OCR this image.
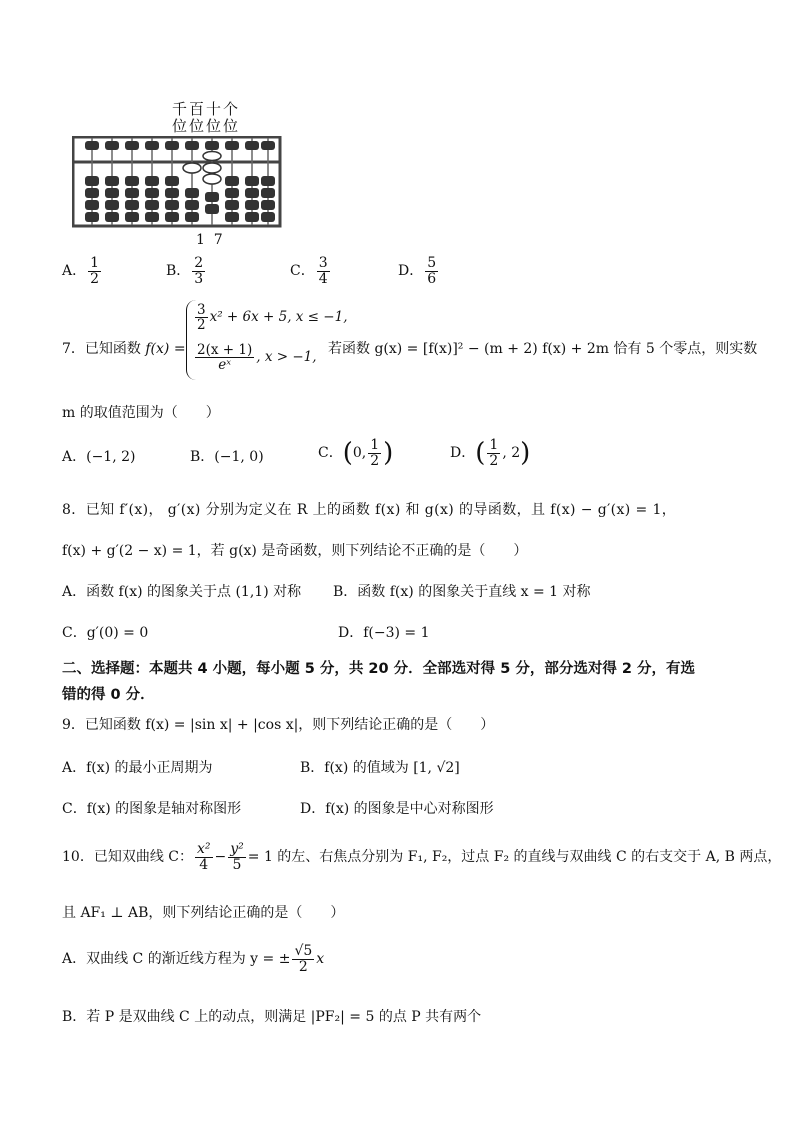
千百十个
位位位位
1  7
A． $\frac{1}{2}$	B． $\frac{2}{3}$	C． $\frac{3}{4}$	D． $\frac{5}{6}$
7．已知函数 f(x) =
$\frac{3}{2} x^2 + 6x + 5$, x ≤ −1,
$\frac{2(x + 1)}{\text{eˣ}}$ , x > −1, 若函数 g(x) = [f(x)]² − (m + 2) f(x) + 2m 恰有 5 个零点，则实数
m 的取值范围为（　　）
A．(−1, 2)	B．(−1, 0)	C．(0, $\frac{1}{2}$ )	D．( $\frac{1}{2}$ , 2)
8．已知 f′(x)， g′(x) 分别为定义在 R 上的函数 f(x) 和 g(x) 的导函数，且 f(x) − g′(x) = 1，
f(x) + g′(2 − x) = 1，若 g(x) 是奇函数，则下列结论不正确的是（　　）
A．函数 f(x) 的图象关于点 (1,1) 对称 B．函数 f(x) 的图象关于直线 x = 1 对称
C．g′(0) = 0	D．f(−3) = 1
二、选择题：本题共 4 小题，每小题 5 分，共 20 分．全部选对得 5 分，部分选对得 2 分，有选
错的得 0 分．
9．已知函数 f(x) = |sin x| + |cos x|，则下列结论正确的是（　　）
A．f(x) 的最小正周期为	B．f(x) 的值域为 [1, √2]
C．f(x) 的图象是轴对称图形	D．f(x) 的图象是中心对称图形
10．已知双曲线 C： $\frac{\text{x²}}{4} - \frac{\text{y²}}{5} = 1$ 的左、右焦点分别为 F₁, F₂，过点 F₂ 的直线与双曲线 C 的右支交于 A, B 两点，
且 AF₁ ⊥ AB，则下列结论正确的是（　　）
A．双曲线 C 的渐近线方程为 y = ± $\frac{√5}{2}$ x
B．若 P 是双曲线 C 上的动点，则满足 |PF₂| = 5 的点 P 共有两个
